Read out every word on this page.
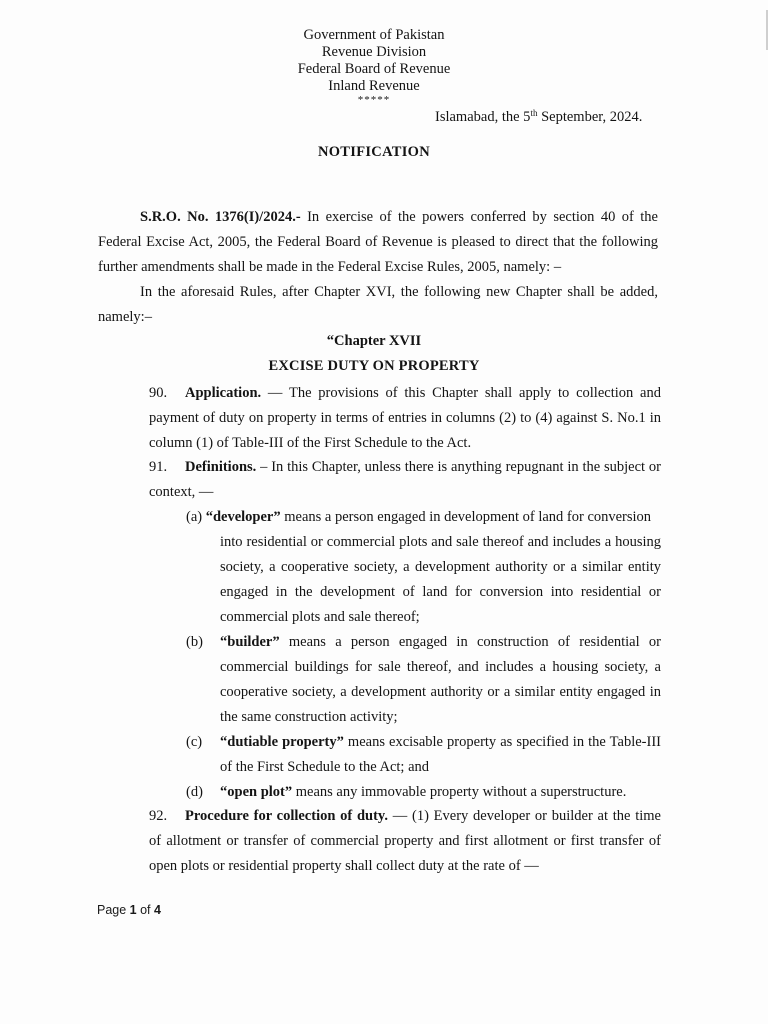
Government of Pakistan
Revenue Division
Federal Board of Revenue
Inland Revenue
*****
Islamabad, the 5th September, 2024.
NOTIFICATION
S.R.O. No. 1376(I)/2024.- In exercise of the powers conferred by section 40 of the Federal Excise Act, 2005, the Federal Board of Revenue is pleased to direct that the following further amendments shall be made in the Federal Excise Rules, 2005, namely: –
In the aforesaid Rules, after Chapter XVI, the following new Chapter shall be added, namely:–
“Chapter XVII
EXCISE DUTY ON PROPERTY
90. Application. — The provisions of this Chapter shall apply to collection and payment of duty on property in terms of entries in columns (2) to (4) against S. No.1 in column (1) of Table-III of the First Schedule to the Act.
91. Definitions. – In this Chapter, unless there is anything repugnant in the subject or context, —
(a) “developer” means a person engaged in development of land for conversion
into residential or commercial plots and sale thereof and includes a housing society, a cooperative society, a development authority or a similar entity engaged in the development of land for conversion into residential or commercial plots and sale thereof;
(b)	“builder” means a person engaged in construction of residential or commercial buildings for sale thereof, and includes a housing society, a cooperative society, a development authority or a similar entity engaged in the same construction activity;
(c)	“dutiable property” means excisable property as specified in the Table-III of the First Schedule to the Act; and
(d)	“open plot” means any immovable property without a superstructure.
92. Procedure for collection of duty. — (1) Every developer or builder at the time of allotment or transfer of commercial property and first allotment or first transfer of open plots or residential property shall collect duty at the rate of —
Page 1 of 4
